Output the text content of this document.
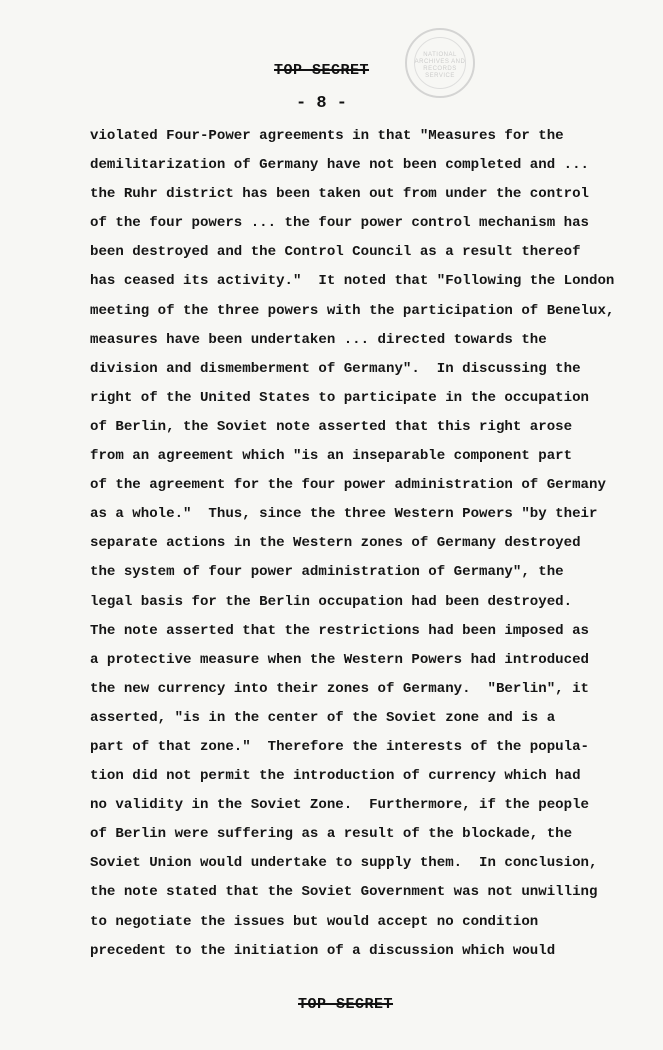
NATIONAL
ARCHIVES AND
RECORDS
SERVICE
TOP SECRET
- 8 -
violated Four-Power agreements in that "Measures for the
demilitarization of Germany have not been completed and ...
the Ruhr district has been taken out from under the control
of the four powers ... the four power control mechanism has
been destroyed and the Control Council as a result thereof
has ceased its activity."  It noted that "Following the London
meeting of the three powers with the participation of Benelux,
measures have been undertaken ... directed towards the
division and dismemberment of Germany".  In discussing the
right of the United States to participate in the occupation
of Berlin, the Soviet note asserted that this right arose
from an agreement which "is an inseparable component part
of the agreement for the four power administration of Germany
as a whole."  Thus, since the three Western Powers "by their
separate actions in the Western zones of Germany destroyed
the system of four power administration of Germany", the
legal basis for the Berlin occupation had been destroyed.
The note asserted that the restrictions had been imposed as
a protective measure when the Western Powers had introduced
the new currency into their zones of Germany.  "Berlin", it
asserted, "is in the center of the Soviet zone and is a
part of that zone."  Therefore the interests of the popula-
tion did not permit the introduction of currency which had
no validity in the Soviet Zone.  Furthermore, if the people
of Berlin were suffering as a result of the blockade, the
Soviet Union would undertake to supply them.  In conclusion,
the note stated that the Soviet Government was not unwilling
to negotiate the issues but would accept no condition
precedent to the initiation of a discussion which would
TOP SECRET
